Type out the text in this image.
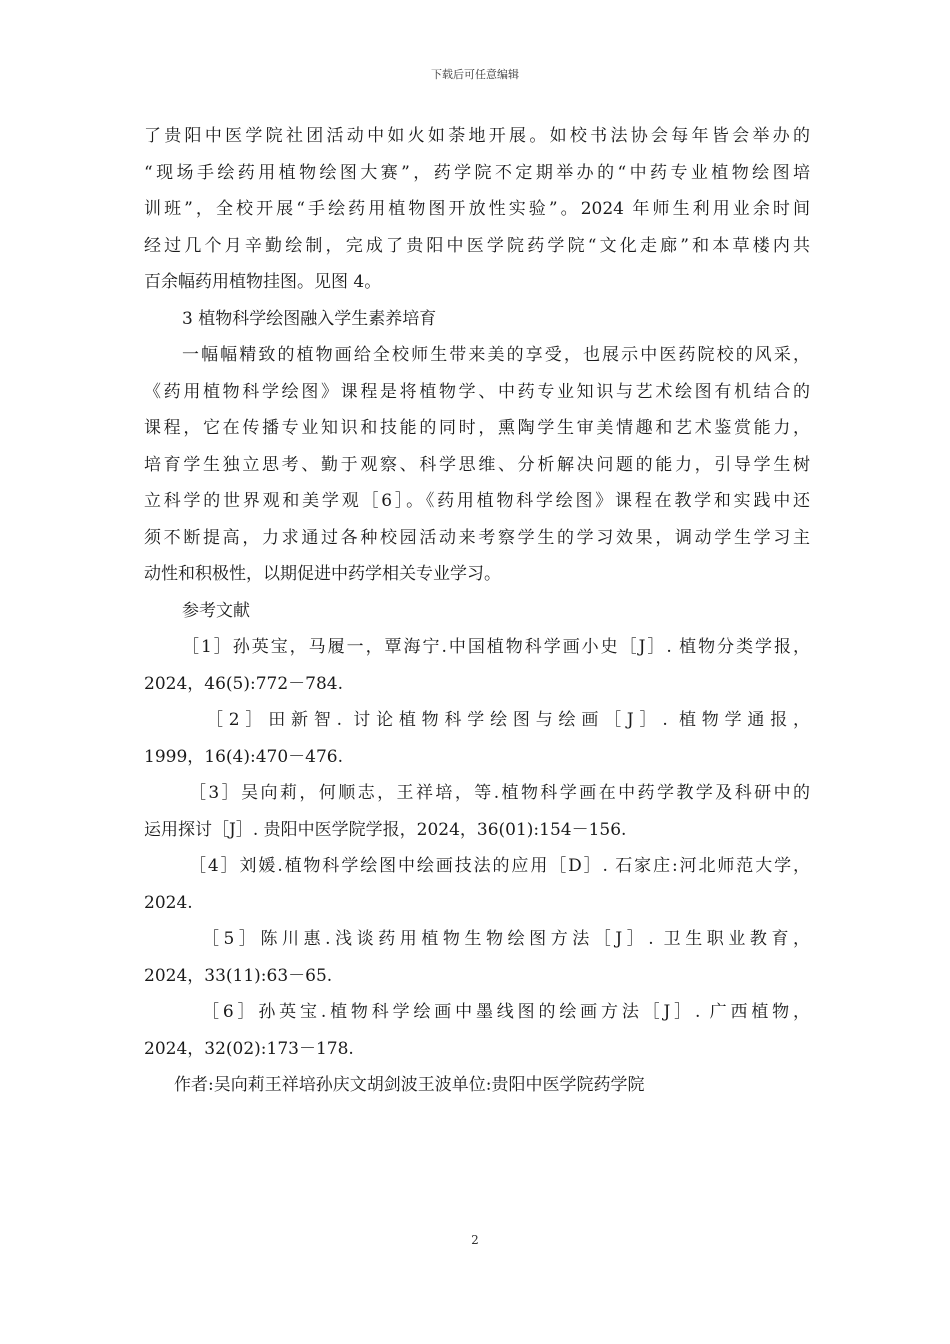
下载后可任意编辑
了贵阳中医学院社团活动中如火如荼地开展。如校书法协会每年皆会举办的
“现场手绘药用植物绘图大赛”，药学院不定期举办的“中药专业植物绘图培
训班”，全校开展“手绘药用植物图开放性实验”。2024 年师生利用业余时间
经过几个月辛勤绘制，完成了贵阳中医学院药学院“文化走廊”和本草楼内共
百余幅药用植物挂图。见图 4。
3 植物科学绘图融入学生素养培育
一幅幅精致的植物画给全校师生带来美的享受，也展示中医药院校的风采，
《药用植物科学绘图》课程是将植物学、中药专业知识与艺术绘图有机结合的
课程，它在传播专业知识和技能的同时，熏陶学生审美情趣和艺术鉴赏能力，
培育学生独立思考、勤于观察、科学思维、分析解决问题的能力，引导学生树
立科学的世界观和美学观［6］。《药用植物科学绘图》课程在教学和实践中还
须不断提高，力求通过各种校园活动来考察学生的学习效果，调动学生学习主
动性和积极性，以期促进中药学相关专业学习。
参考文献
［1］孙英宝，马履一，覃海宁.中国植物科学画小史［J］. 植物分类学报，
2024，46(5):772－784.
［2］田新智. 讨论植物科学绘图与绘画［J］. 植物学通报，
1999，16(4):470－476.
［3］吴向莉，何顺志，王祥培，等.植物科学画在中药学教学及科研中的
运用探讨［J］. 贵阳中医学院学报，2024，36(01):154－156.
［4］刘媛.植物科学绘图中绘画技法的应用［D］. 石家庄:河北师范大学，
2024.
［5］陈川惠.浅谈药用植物生物绘图方法［J］. 卫生职业教育，
2024，33(11):63－65.
［6］孙英宝.植物科学绘画中墨线图的绘画方法［J］. 广西植物，
2024，32(02):173－178.
作者:吴向莉王祥培孙庆文胡剑波王波单位:贵阳中医学院药学院
2
